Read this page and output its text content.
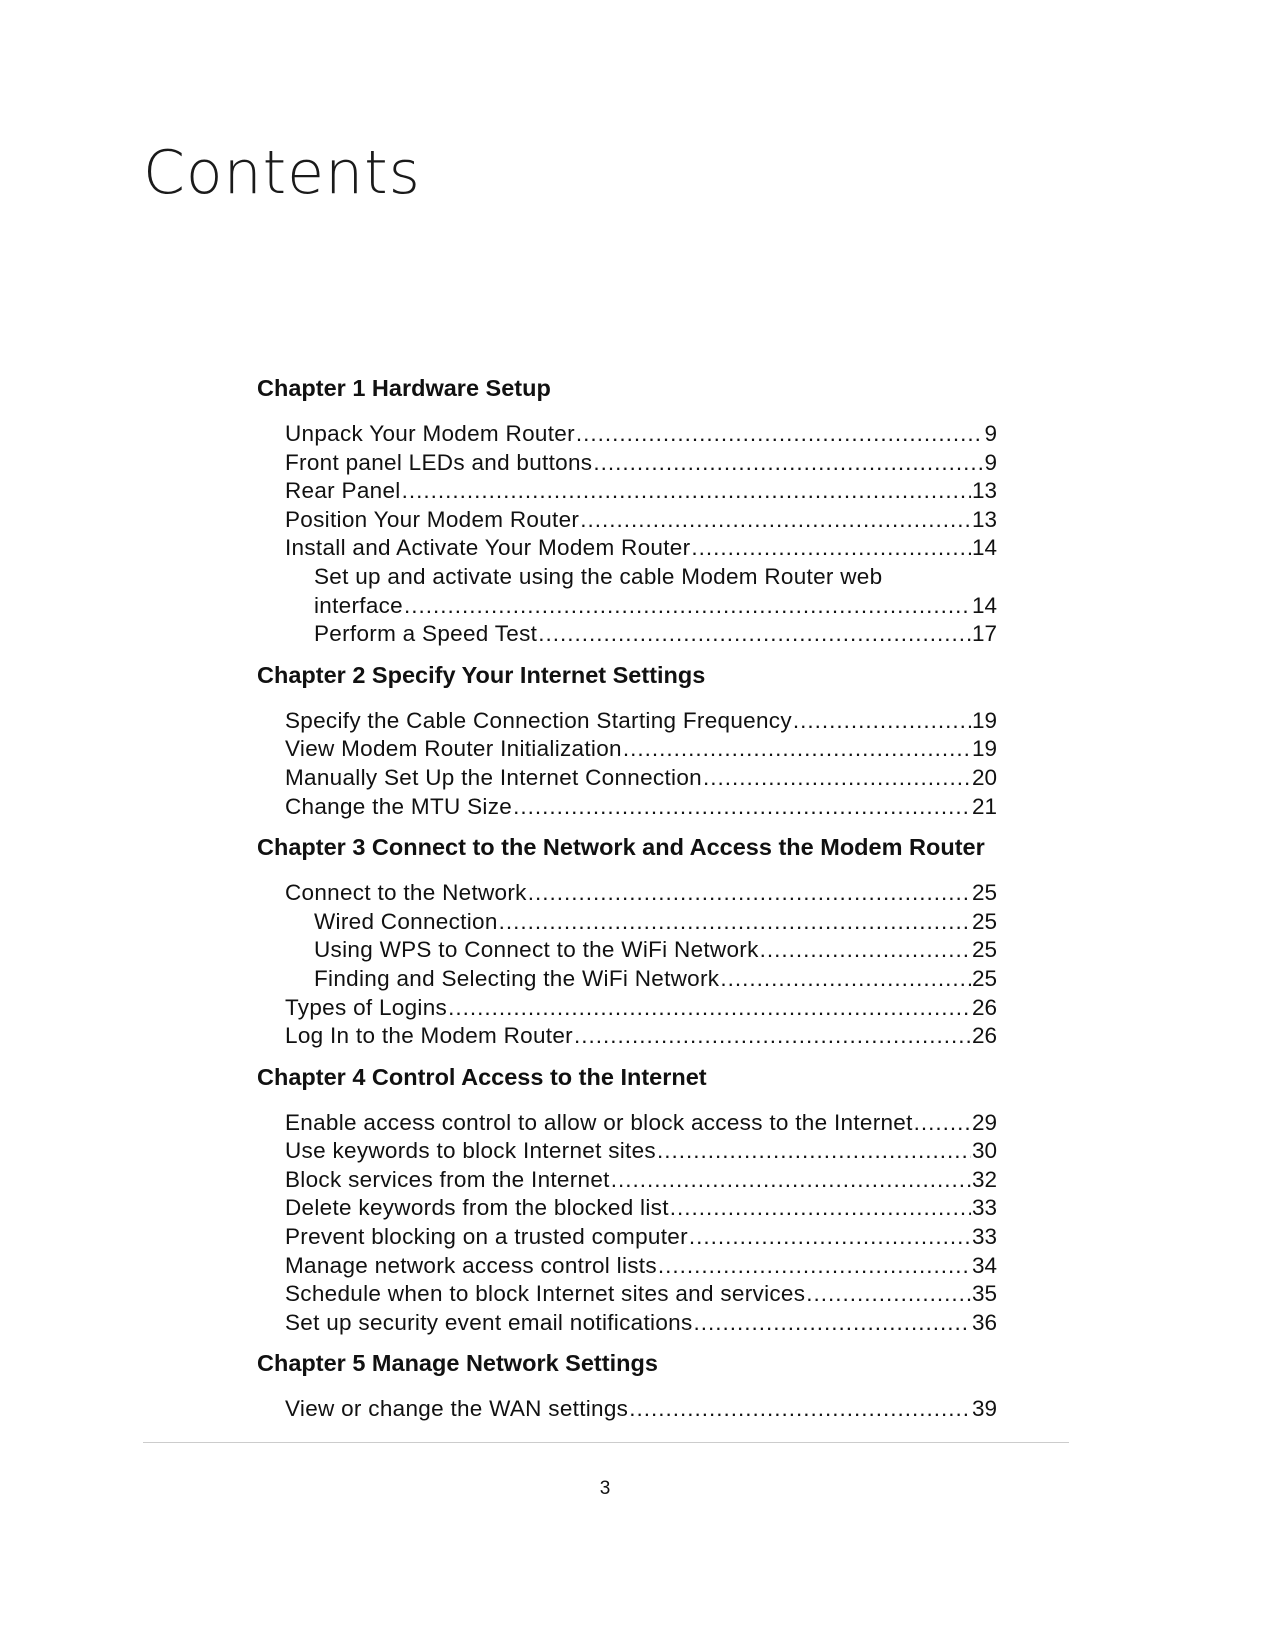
Contents
Chapter 1 Hardware Setup
Unpack Your Modem Router .....	9
Front panel LEDs and buttons .....	9
Rear Panel .....	13
Position Your Modem Router .....	13
Install and Activate Your Modem Router .....	14
Set up and activate using the cable Modem Router web
interface .....	14
Perform a Speed Test .....	17
Chapter 2 Specify Your Internet Settings
Specify the Cable Connection Starting Frequency .....	19
View Modem Router Initialization .....	19
Manually Set Up the Internet Connection .....	20
Change the MTU Size .....	21
Chapter 3 Connect to the Network and Access the Modem Router
Connect to the Network .....	25
Wired Connection .....	25
Using WPS to Connect to the WiFi Network .....	25
Finding and Selecting the WiFi Network .....	25
Types of Logins .....	26
Log In to the Modem Router .....	26
Chapter 4 Control Access to the Internet
Enable access control to allow or block access to the Internet .....	29
Use keywords to block Internet sites .....	30
Block services from the Internet .....	32
Delete keywords from the blocked list .....	33
Prevent blocking on a trusted computer .....	33
Manage network access control lists .....	34
Schedule when to block Internet sites and services .....	35
Set up security event email notifications .....	36
Chapter 5 Manage Network Settings
View or change the WAN settings .....	39
3
